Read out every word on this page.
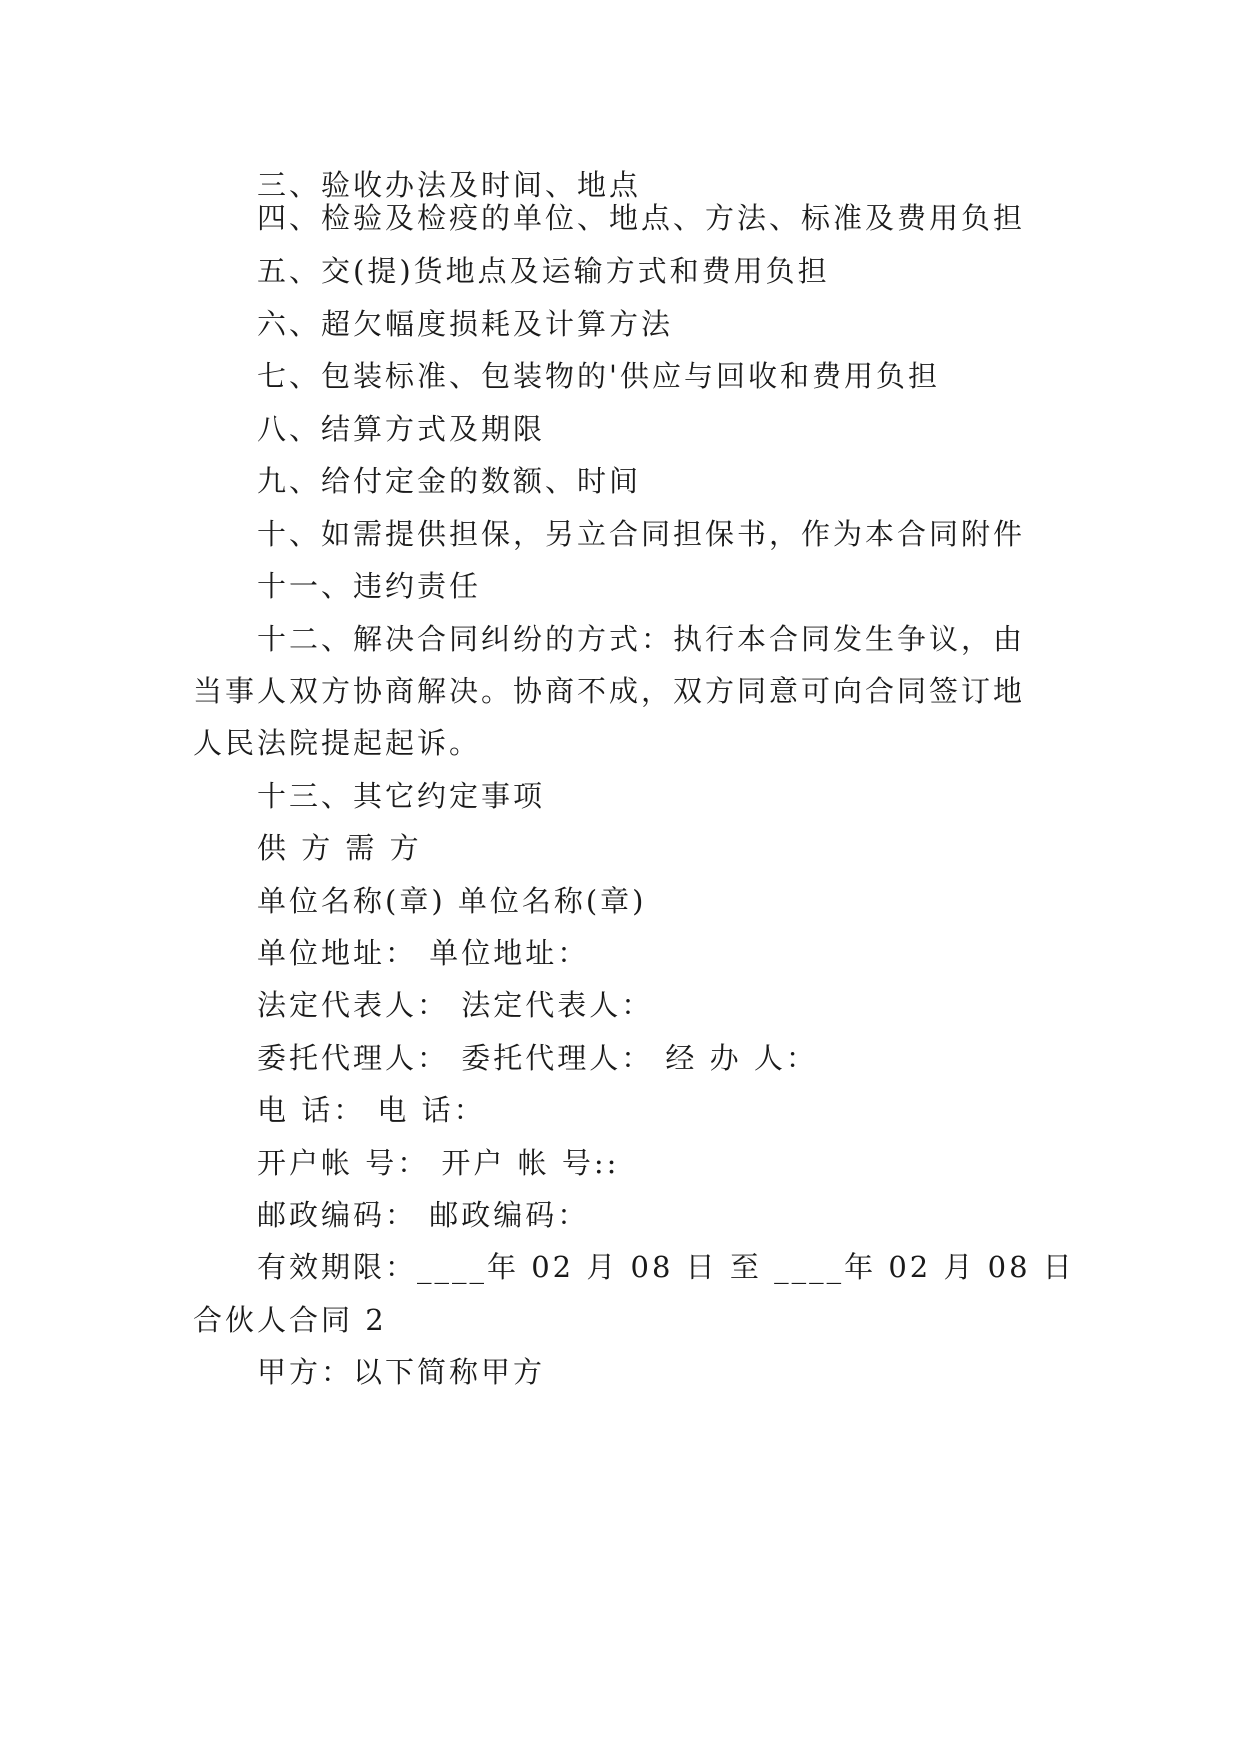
三、验收办法及时间、地点
四、检验及检疫的单位、地点、方法、标准及费用负担
五、交(提)货地点及运输方式和费用负担
六、超欠幅度损耗及计算方法
七、包装标准、包装物的'供应与回收和费用负担
八、结算方式及期限
九、给付定金的数额、时间
十、如需提供担保，另立合同担保书，作为本合同附件
十一、违约责任
十二、解决合同纠纷的方式：执行本合同发生争议，由
当事人双方协商解决。协商不成，双方同意可向合同签订地
人民法院提起起诉。
十三、其它约定事项
供 方 需 方
单位名称(章) 单位名称(章)
单位地址： 单位地址：
法定代表人： 法定代表人：
委托代理人： 委托代理人： 经 办 人：
电 话： 电 话：
开户帐 号： 开户 帐 号::
邮政编码： 邮政编码：
有效期限：____年 02 月 08 日 至 ____年 02 月 08 日
合伙人合同 2
甲方：以下简称甲方
